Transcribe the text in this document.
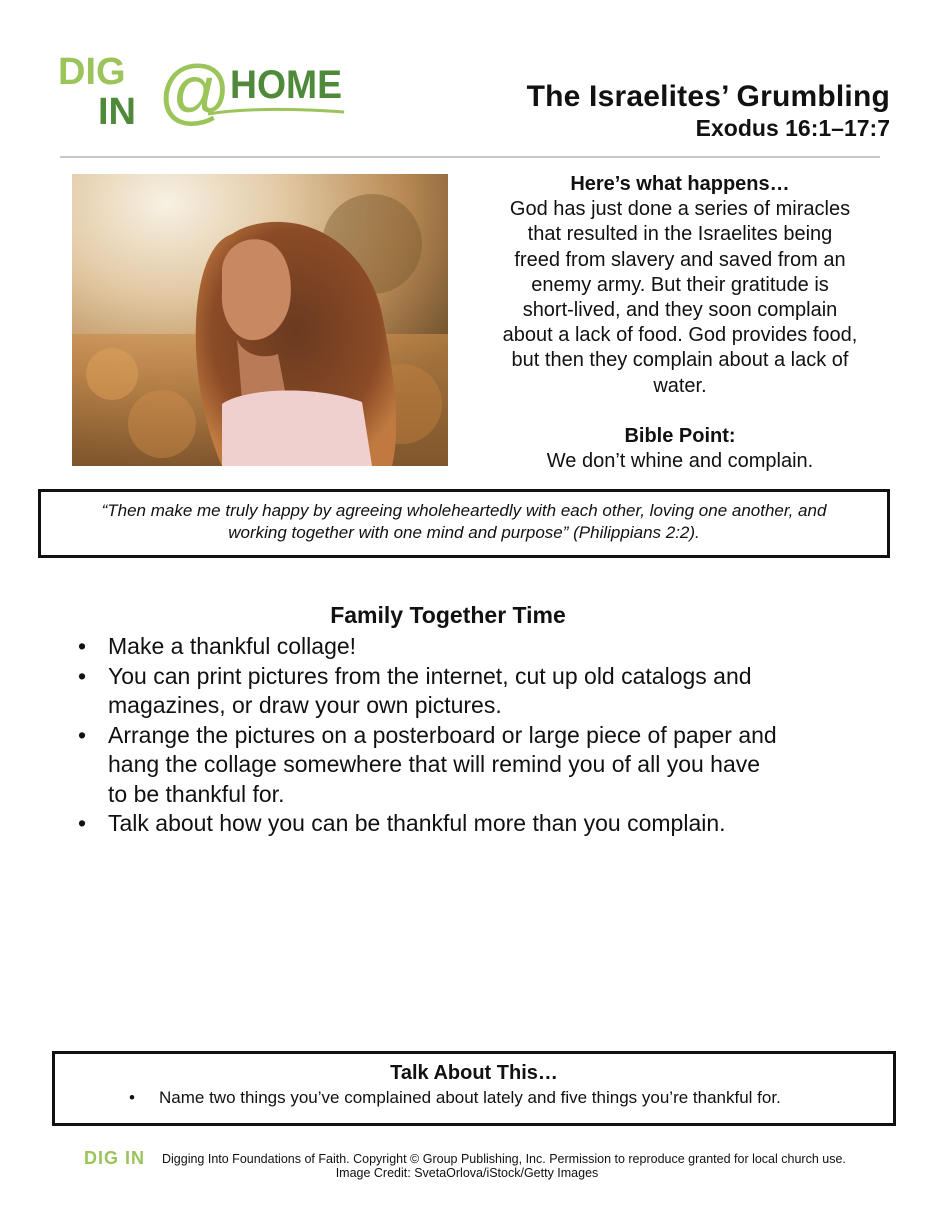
DIG
IN @
HOME	The Israelites’ Grumbling
Exodus 16:1–17:7
Here’s what happens…
God has just done a series of miracles
that resulted in the Israelites being
freed from slavery and saved from an
enemy army. But their gratitude is
short-lived, and they soon complain
about a lack of food. God provides food,
but then they complain about a lack of
water.
Bible Point:
We don’t whine and complain.

“Then make me truly happy by agreeing wholeheartedly with each other, loving one another, and
working together with one mind and purpose” (Philippians 2:2).

Family Together Time
• Make a thankful collage!
• You can print pictures from the internet, cut up old catalogs and
magazines, or draw your own pictures.
• Arrange the pictures on a posterboard or large piece of paper and
hang the collage somewhere that will remind you of all you have
to be thankful for.
• Talk about how you can be thankful more than you complain.
Talk About This…
• Name two things you’ve complained about lately and five things you’re thankful for.
DIG IN Digging Into Foundations of Faith. Copyright © Group Publishing, Inc. Permission to reproduce granted for local church use.
Image Credit: SvetaOrlova/iStock/Getty Images
